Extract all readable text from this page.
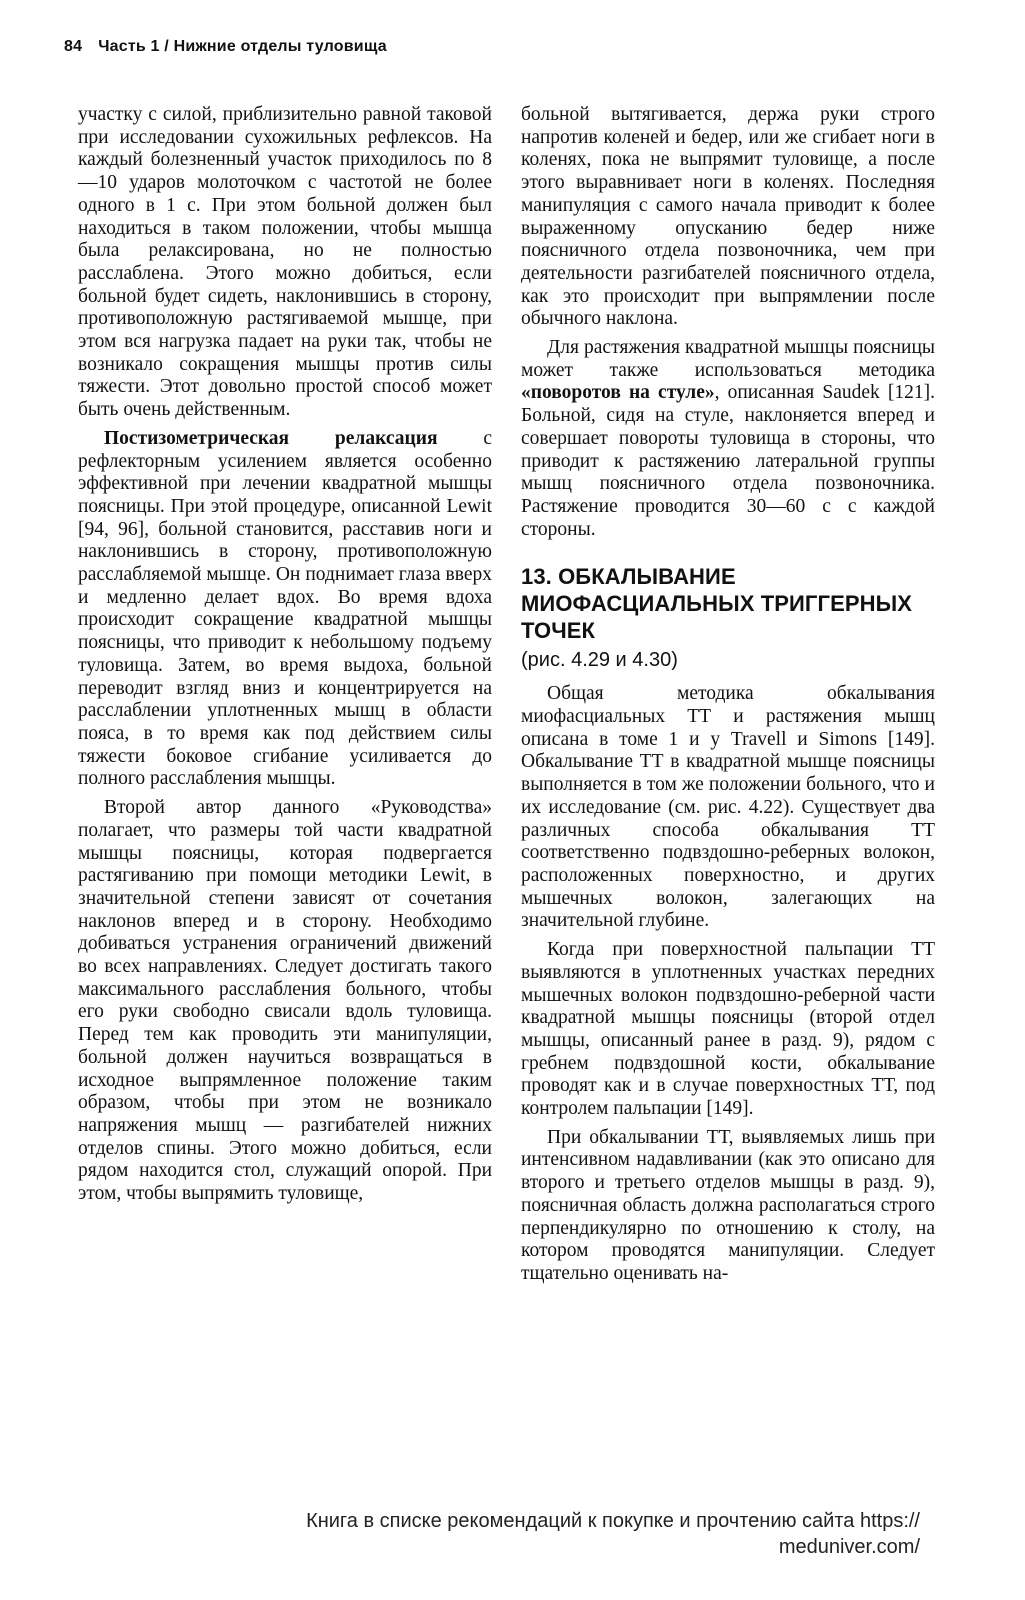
84 Часть 1 / Нижние отделы туловища

участку с силой, приблизительно равной таковой при исследовании сухожильных рефлексов. На каждый болезненный участок приходилось по 8—10 ударов молоточком с частотой не более одного в 1 с. При этом больной должен был находиться в таком положении, чтобы мышца была релаксирована, но не полностью расслаблена. Этого можно добиться, если больной будет сидеть, наклонившись в сторону, противоположную растягиваемой мышце, при этом вся нагрузка падает на руки так, чтобы не возникало сокращения мышцы против силы тяжести. Этот довольно простой способ может быть очень действенным.

Постизометрическая релаксация с рефлекторным усилением является особенно эффективной при лечении квадратной мышцы поясницы. При этой процедуре, описанной Lewit [94, 96], больной становится, расставив ноги и наклонившись в сторону, противоположную расслабляемой мышце. Он поднимает глаза вверх и медленно делает вдох. Во время вдоха происходит сокращение квадратной мышцы поясницы, что приводит к небольшому подъему туловища. Затем, во время выдоха, больной переводит взгляд вниз и концентрируется на расслаблении уплотненных мышц в области пояса, в то время как под действием силы тяжести боковое сгибание усиливается до полного расслабления мышцы.

Второй автор данного «Руководства» полагает, что размеры той части квадратной мышцы поясницы, которая подвергается растягиванию при помощи методики Lewit, в значительной степени зависят от сочетания наклонов вперед и в сторону. Необходимо добиваться устранения ограничений движений во всех направлениях. Следует достигать такого максимального расслабления больного, чтобы его руки свободно свисали вдоль туловища. Перед тем как проводить эти манипуляции, больной должен научиться возвращаться в исходное выпрямленное положение таким образом, чтобы при этом не возникало напряжения мышц — разгибателей нижних отделов спины. Этого можно добиться, если рядом находится стол, служащий опорой. При этом, чтобы выпрямить туловище,

больной вытягивается, держа руки строго напротив коленей и бедер, или же сгибает ноги в коленях, пока не выпрямит туловище, а после этого выравнивает ноги в коленях. Последняя манипуляция с самого начала приводит к более выраженному опусканию бедер ниже поясничного отдела позвоночника, чем при деятельности разгибателей поясничного отдела, как это происходит при выпрямлении после обычного наклона.

Для растяжения квадратной мышцы поясницы может также использоваться методика «поворотов на стуле», описанная Saudek [121]. Больной, сидя на стуле, наклоняется вперед и совершает повороты туловища в стороны, что приводит к растяжению латеральной группы мышц поясничного отдела позвоночника. Растяжение проводится 30—60 с с каждой стороны.

13. ОБКАЛЫВАНИЕ МИОФАСЦИАЛЬНЫХ ТРИГГЕРНЫХ ТОЧЕК
(рис. 4.29 и 4.30)

Общая методика обкалывания миофасциальных ТТ и растяжения мышц описана в томе 1 и у Travell и Simons [149]. Обкалывание ТТ в квадратной мышце поясницы выполняется в том же положении больного, что и их исследование (см. рис. 4.22). Существует два различных способа обкалывания ТТ соответственно подвздошно-реберных волокон, расположенных поверхностно, и других мышечных волокон, залегающих на значительной глубине.

Когда при поверхностной пальпации ТТ выявляются в уплотненных участках передних мышечных волокон подвздошно-реберной части квадратной мышцы поясницы (второй отдел мышцы, описанный ранее в разд. 9), рядом с гребнем подвздошной кости, обкалывание проводят как и в случае поверхностных ТТ, под контролем пальпации [149].

При обкалывании ТТ, выявляемых лишь при интенсивном надавливании (как это описано для второго и третьего отделов мышцы в разд. 9), поясничная область должна располагаться строго перпендикулярно по отношению к столу, на котором проводятся манипуляции. Следует тщательно оценивать на-

Книга в списке рекомендаций к покупке и прочтению сайта https:// meduniver.com/
